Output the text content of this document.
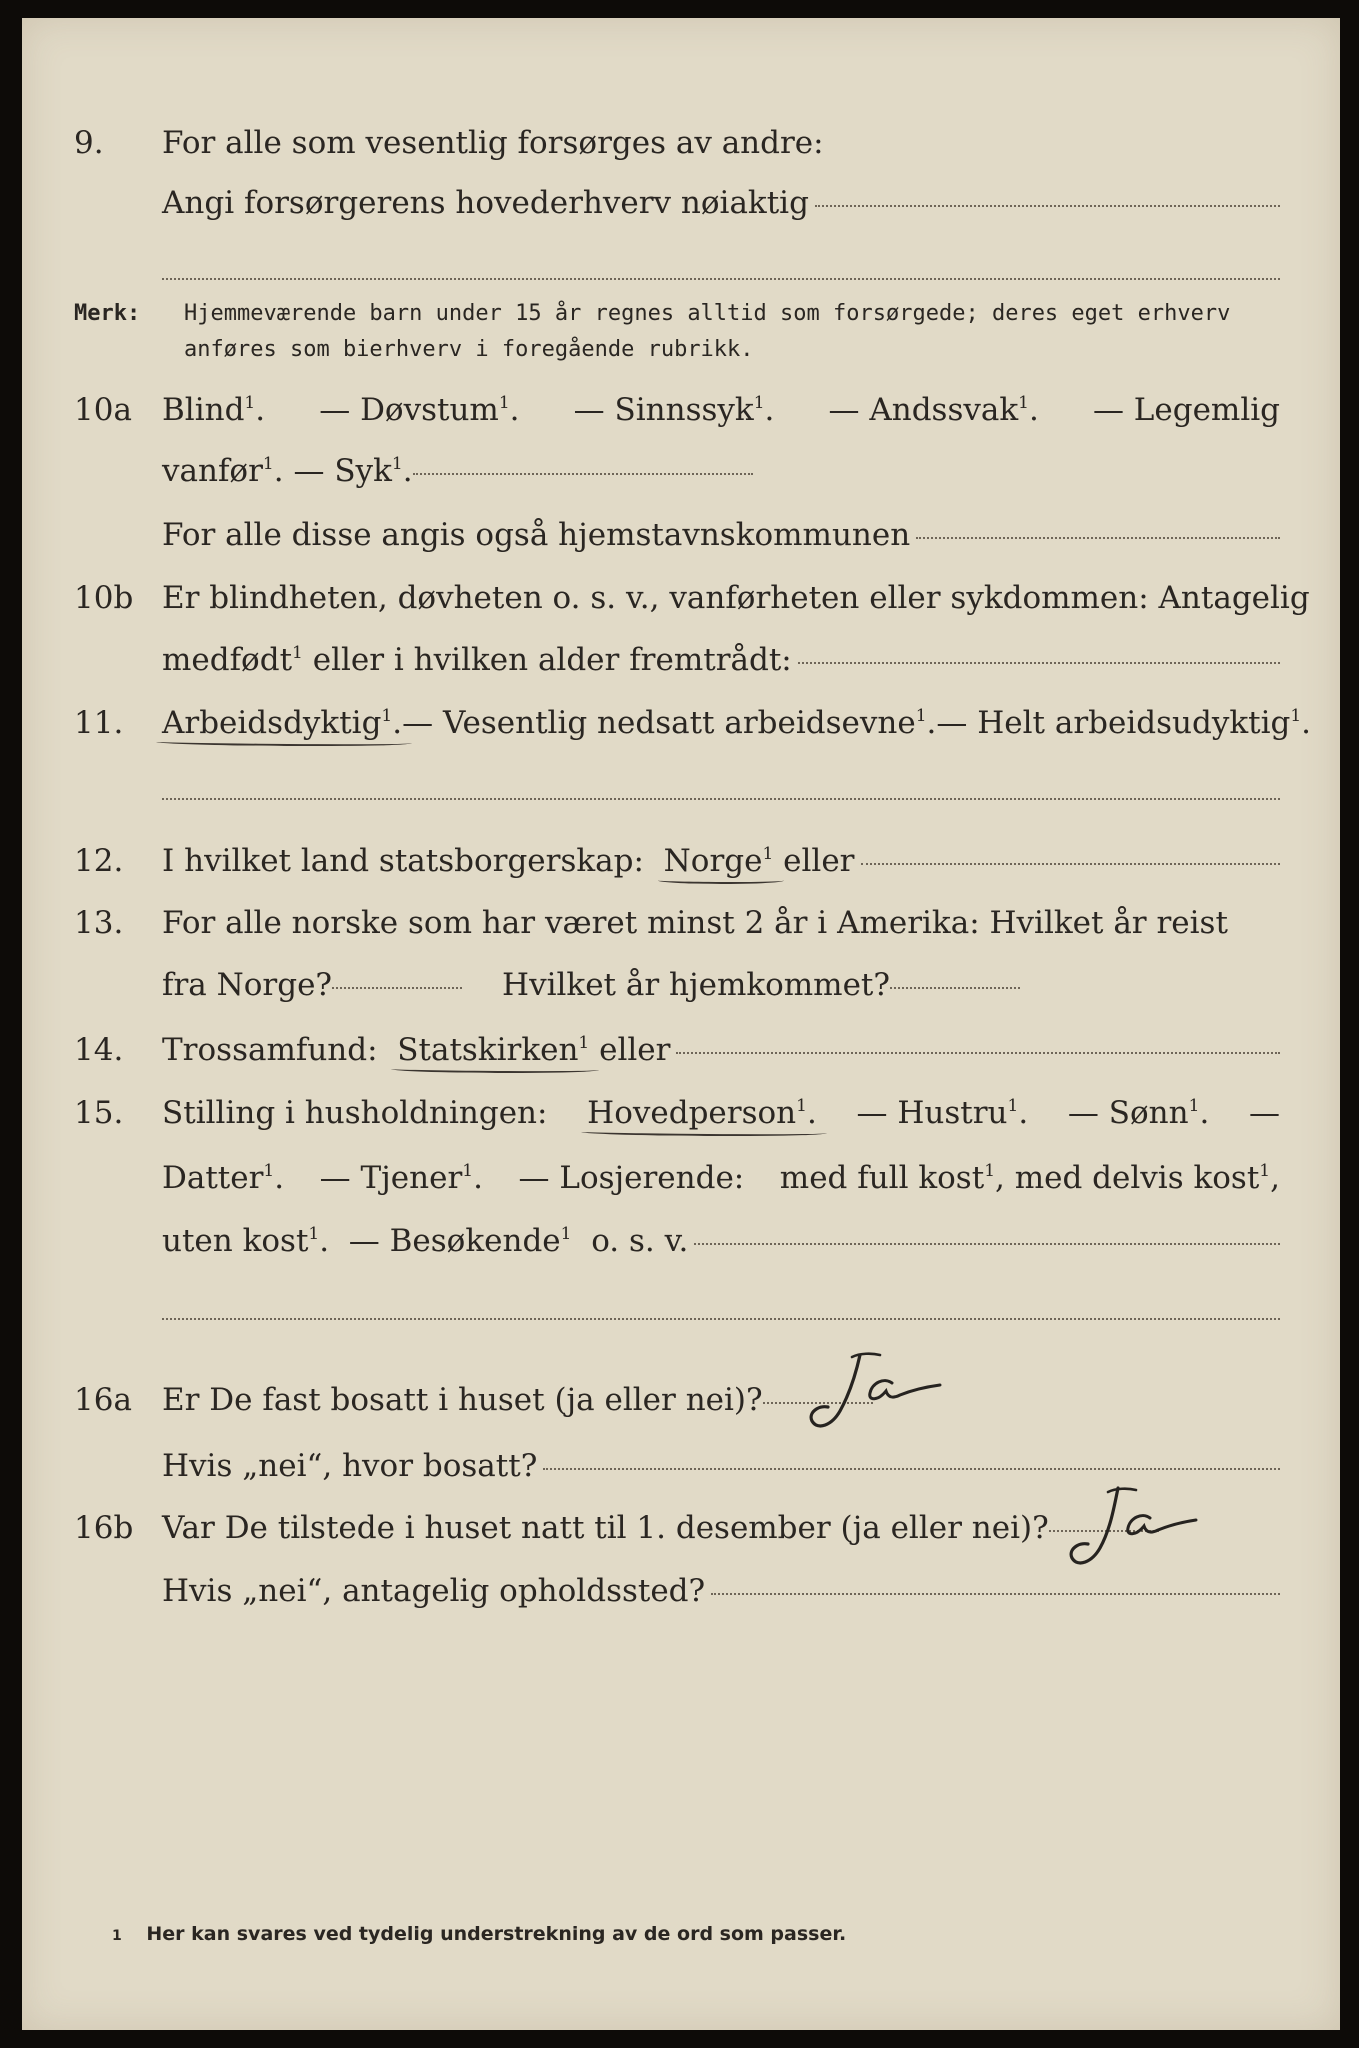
9. For alle som vesentlig forsørges av andre:
Angi forsørgerens hovederhverv nøiaktig
Merk: Hjemmeværende barn under 15 år regnes alltid som forsørgede; deres eget erhverv
anføres som bierhverv i foregående rubrikk.
10a Blind$^1$. — Døvstum$^1$. — Sinnssyk$^1$. — Andssvak$^1$. — Legemlig
vanfør$^1$. — Syk$^1$.
For alle disse angis også hjemstavnskommunen
10b Er blindheten, døvheten o. s. v., vanførheten eller sykdommen: Antagelig
medfødt$^1$ eller i hvilken alder fremtrådt:
11. Arbeidsdyktig$^1$. — Vesentlig nedsatt arbeidsevne$^1$. — Helt arbeidsudyktig$^1$.
12. I hvilket land statsborgerskap:
Norge$^1$
eller
13. For alle norske som har været minst 2 år i Amerika: Hvilket år reist
fra Norge?	Hvilket år hjemkommet?
14. Trossamfund:
Statskirken$^1$
eller
15. Stilling i husholdningen: Hovedperson$^1$. — Hustru$^1$. — Sønn$^1$. —
Datter$^1$. — Tjener$^1$. — Losjerende: med full kost$^1$, med delvis kost$^1$,
uten kost$^1$. — Besøkende$^1$ o. s. v.
16a Er De fast bosatt i huset (ja eller nei)?
Hvis „nei“, hvor bosatt?
16b Var De tilstede i huset natt til 1. desember (ja eller nei)?
Hvis „nei“, antagelig opholdssted?
1 Her kan svares ved tydelig understrekning av de ord som passer.
